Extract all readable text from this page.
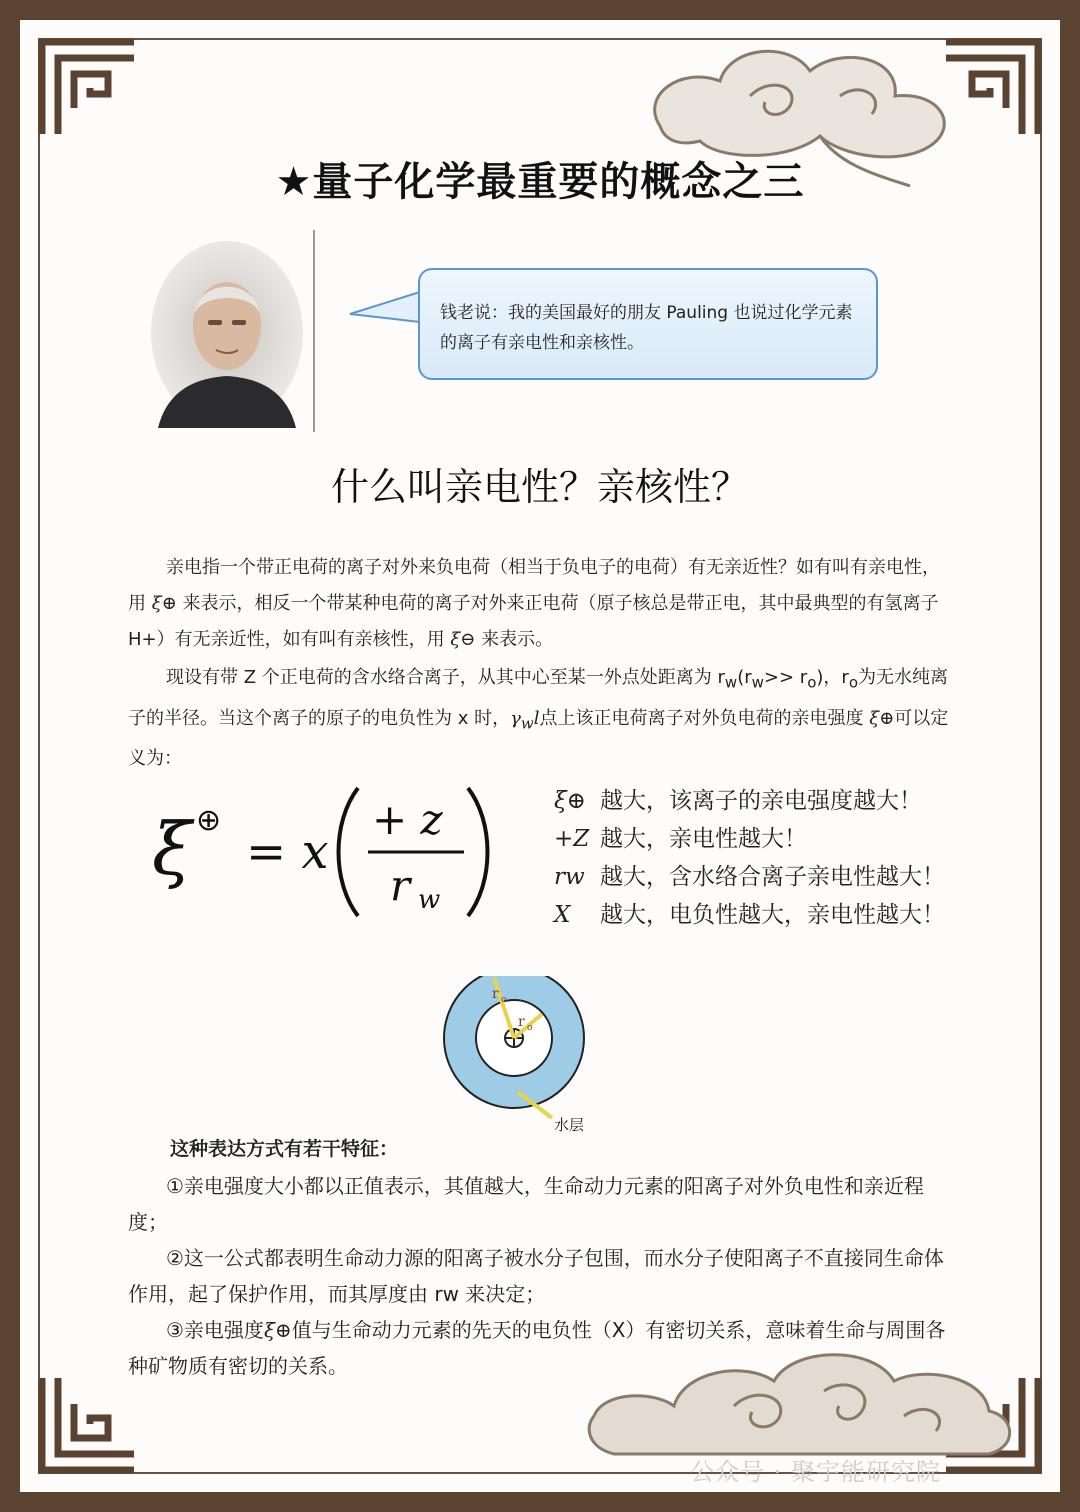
★量子化学最重要的概念之三
钱老说：我的美国最好的朋友 Pauling 也说过化学元素的离子有亲电性和亲核性。
什么叫亲电性？亲核性？
亲电指一个带正电荷的离子对外来负电荷（相当于负电子的电荷）有无亲近性？如有叫有亲电性，用 ξ⊕ 来表示，相反一个带某种电荷的离子对外来正电荷（原子核总是带正电，其中最典型的有氢离子 H+）有无亲近性，如有叫有亲核性，用 ξ⊖ 来表示。
现设有带 Z 个正电荷的含水络合离子，从其中心至某一外点处距离为 $r_w(r_w>> r_o)$，$r_o$为无水纯离子的半径。当这个离子的原子的电负性为 x 时，$\gamma_wl$点上该正电荷离子对外负电荷的亲电强度 ξ⊕可以定义为：
ξ ⊕
= x
+ z
r w
ξ⊕ 越大，该离子的亲电强度越大！
+Z 越大，亲电性越大！
rw 越大，含水络合离子亲电性越大！
X	越大，电负性越大，亲电性越大！
r o
r o
水层
这种表达方式有若干特征：
①亲电强度大小都以正值表示，其值越大，生命动力元素的阳离子对外负电性和亲近程度；
②这一公式都表明生命动力源的阳离子被水分子包围，而水分子使阳离子不直接同生命体作用，起了保护作用，而其厚度由 rw 来决定；
③亲电强度ξ⊕值与生命动力元素的先天的电负性（X）有密切关系，意味着生命与周围各种矿物质有密切的关系。
公众号 · 聚宇能研究院
